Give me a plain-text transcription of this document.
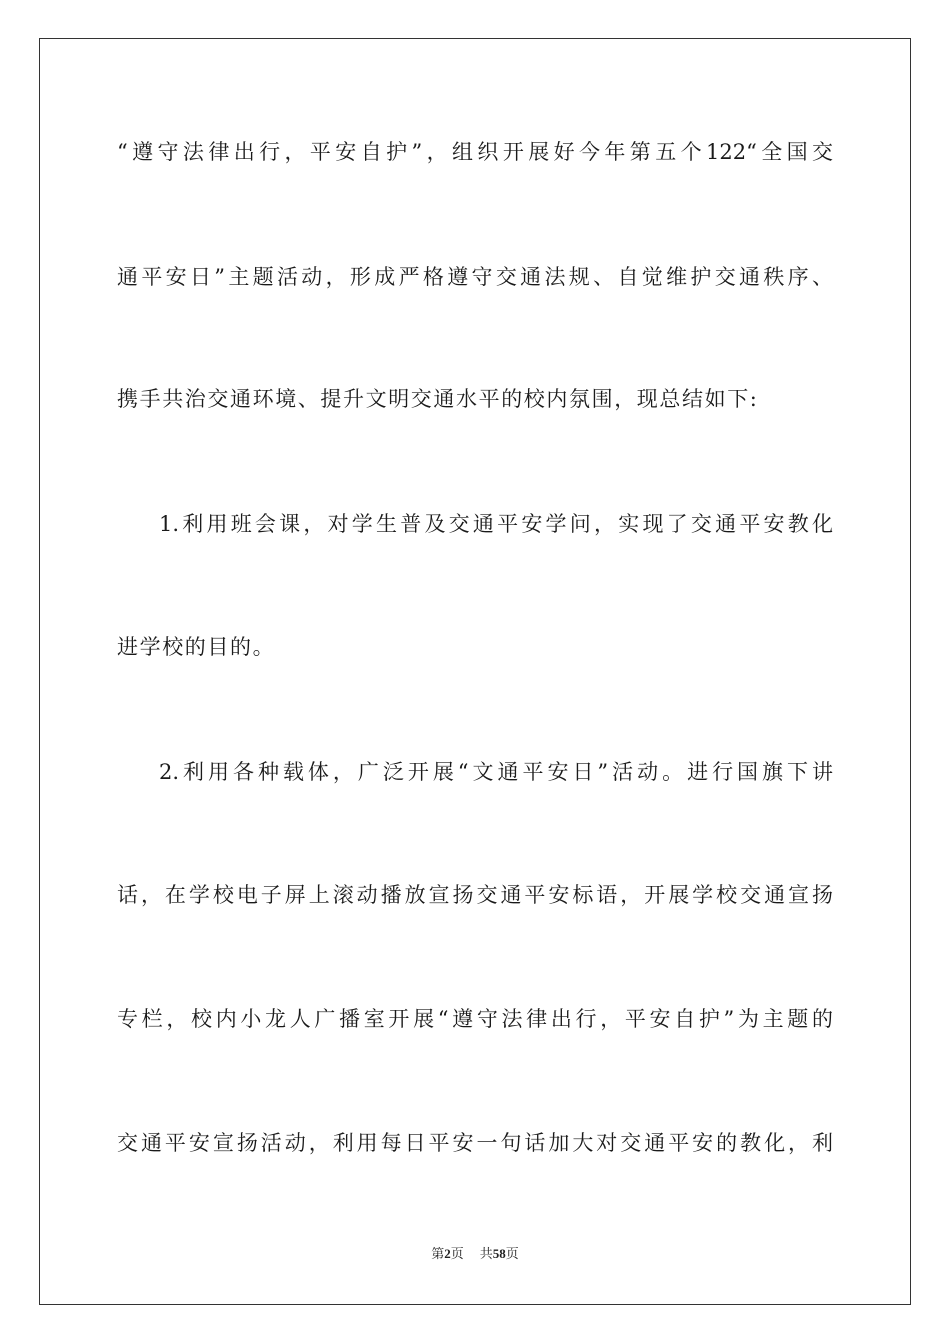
“遵守法律出行，平安自护”，组织开展好今年第五个122“全国交
通平安日”主题活动，形成严格遵守交通法规、自觉维护交通秩序、
携手共治交通环境、提升文明交通水平的校内氛围，现总结如下:
1.利用班会课，对学生普及交通平安学问，实现了交通平安教化
进学校的目的。
2.利用各种载体，广泛开展“文通平安日”活动。进行国旗下讲
话，在学校电子屏上滚动播放宣扬交通平安标语，开展学校交通宣扬
专栏，校内小龙人广播室开展“遵守法律出行，平安自护”为主题的
交通平安宣扬活动，利用每日平安一句话加大对交通平安的教化，利
第2页 共58页
